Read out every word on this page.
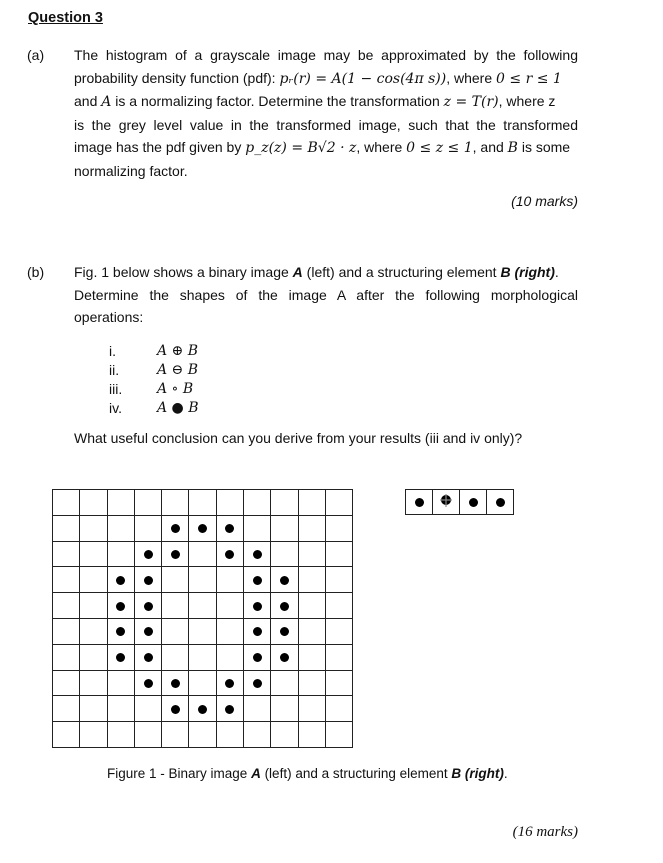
Question 3
(a) The histogram of a grayscale image may be approximated by the following
probability density function (pdf): pᵣ(r) = A(1 − cos(4π s)), where 0 ≤ r ≤ 1
and A is a normalizing factor. Determine the transformation z = T(r), where z
is the grey level value in the transformed image, such that the transformed
image has the pdf given by p_z(z) = B√2 · z, where 0 ≤ z ≤ 1, and B is some
normalizing factor.
(10 marks)
(b) Fig. 1 below shows a binary image A (left) and a structuring element B (right).
Determine the shapes of the image A after the following morphological
operations:
i.	A ⊕ B
ii.	A ⊖ B
iii.	A ∘ B
iv.	A ● B
What useful conclusion can you derive from your results (iii and iv only)?

Figure 1 - Binary image A (left) and a structuring element B (right).
(16 marks)
